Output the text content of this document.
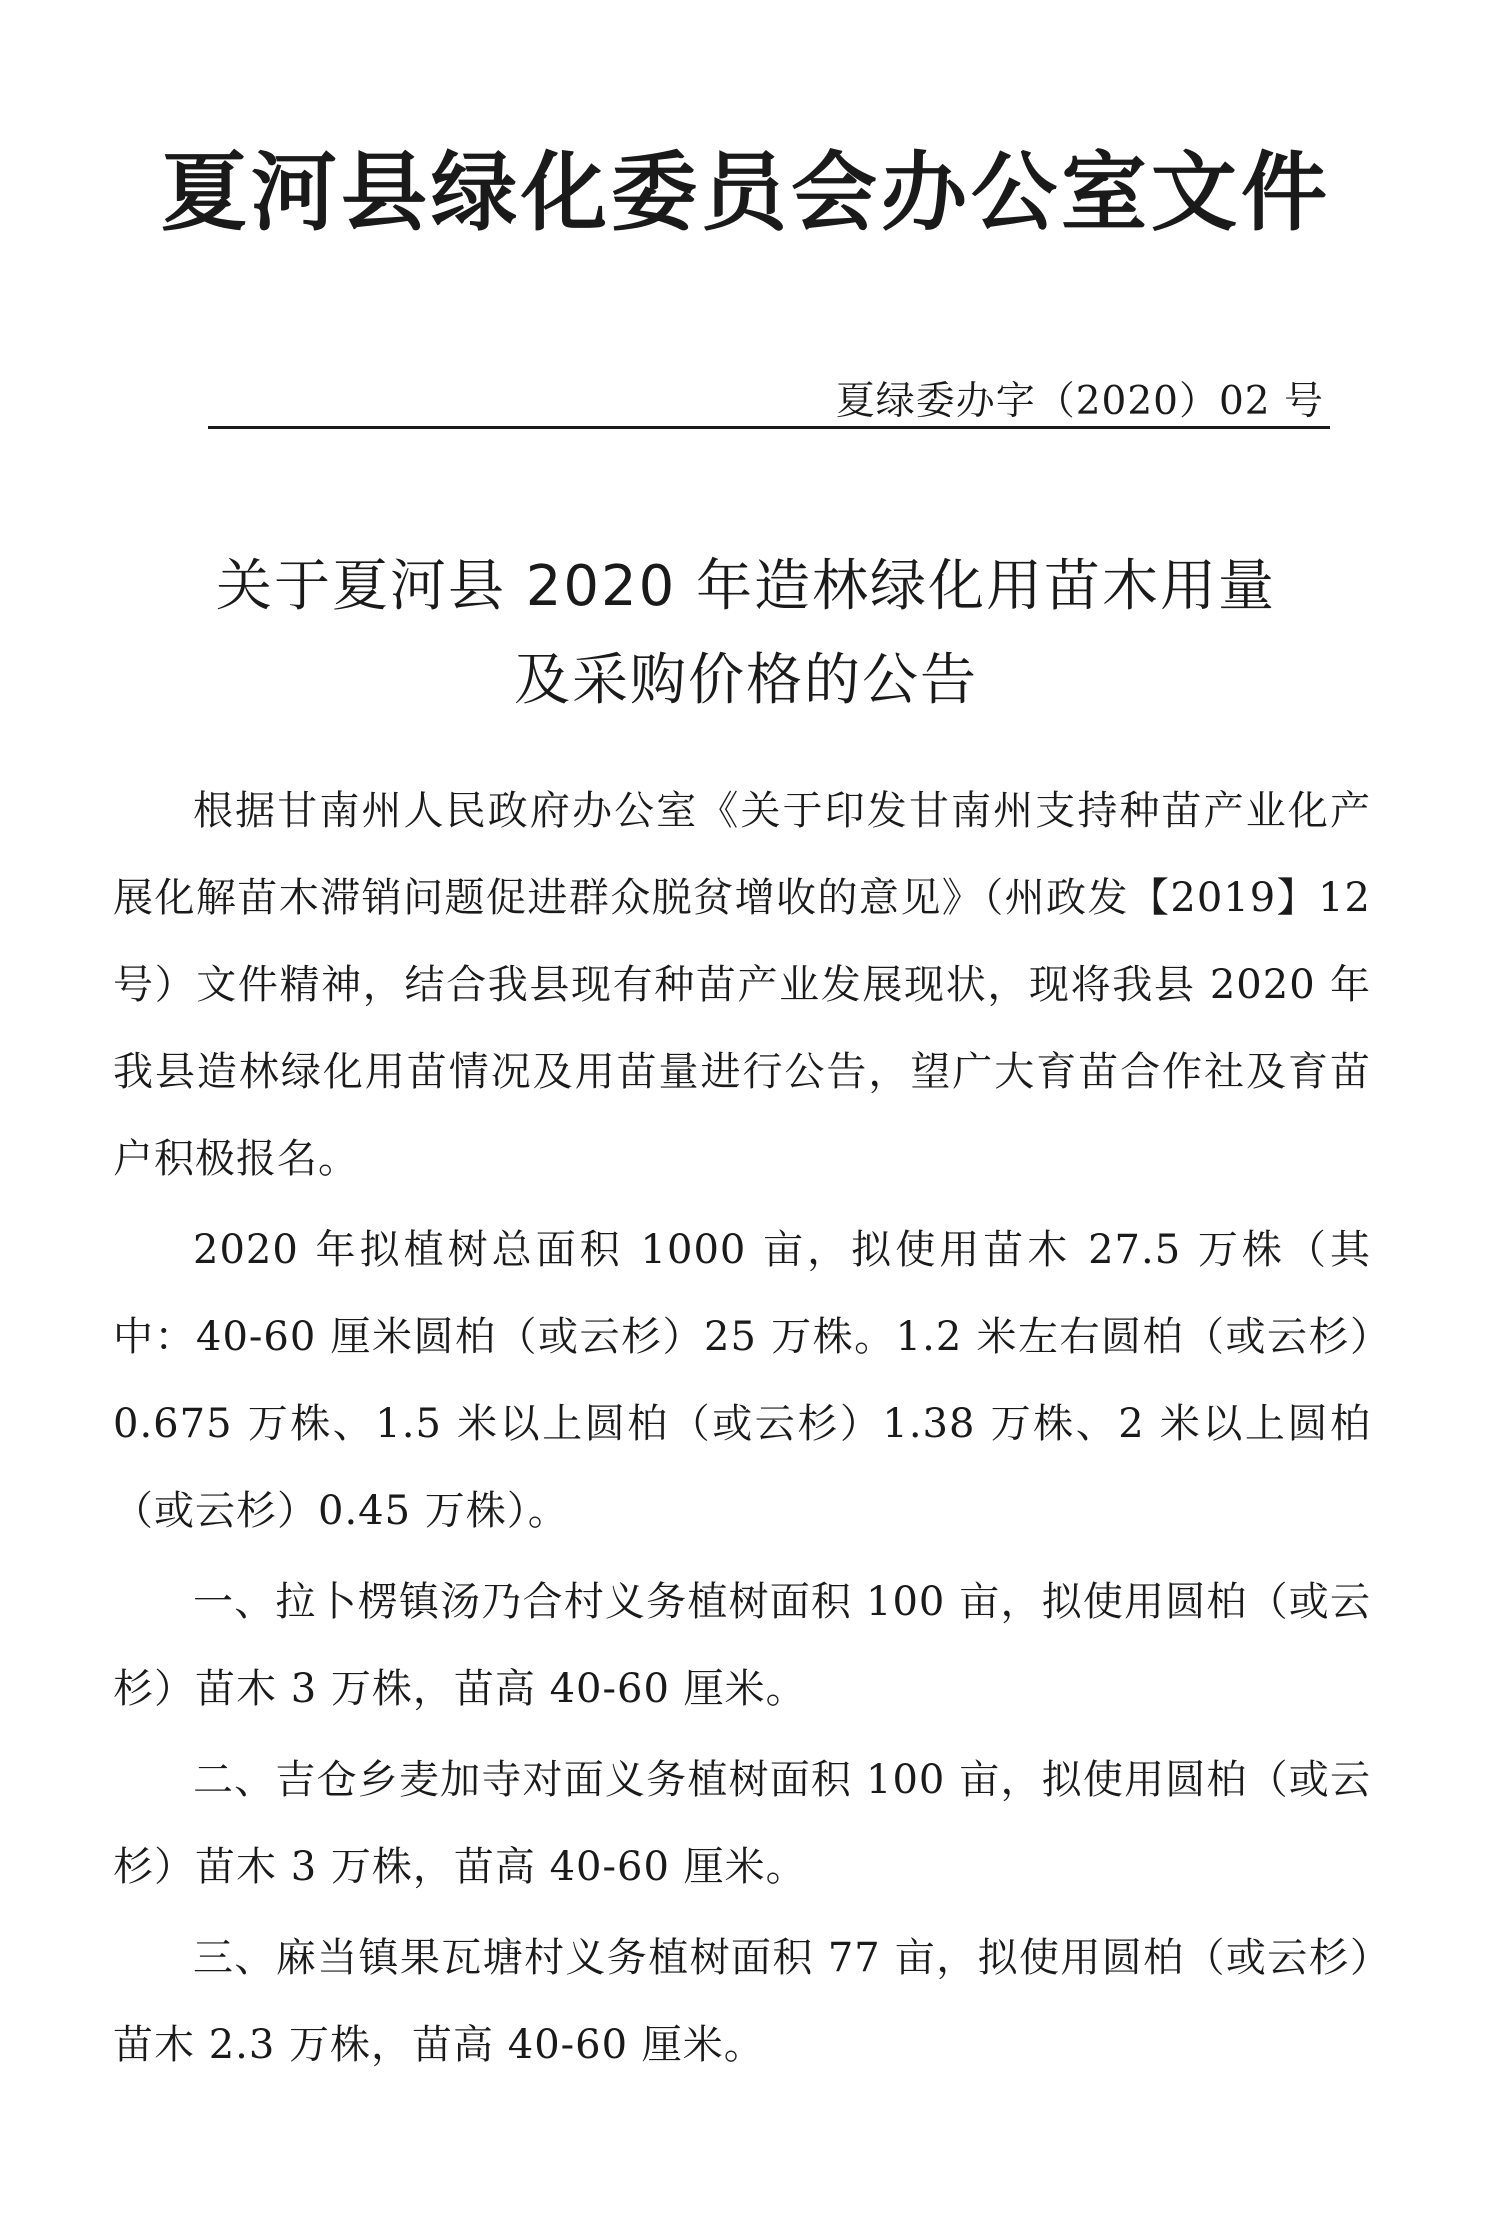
夏河县绿化委员会办公室文件
夏绿委办字（2020）02 号
关于夏河县 2020 年造林绿化用苗木用量
及采购价格的公告

根据甘南州人民政府办公室《关于印发甘南州支持种苗产业化产展化解苗木滞销问题促进群众脱贫增收的意见》（州政发【2019】12 号）文件精神，结合我县现有种苗产业发展现状，现将我县 2020 年我县造林绿化用苗情况及用苗量进行公告，望广大育苗合作社及育苗户积极报名。

2020 年拟植树总面积 1000 亩，拟使用苗木 27.5 万株（其中：40-60 厘米圆柏（或云杉）25 万株。1.2 米左右圆柏（或云杉）0.675 万株、1.5 米以上圆柏（或云杉）1.38 万株、2 米以上圆柏（或云杉）0.45 万株）。

一、拉卜楞镇汤乃合村义务植树面积 100 亩，拟使用圆柏（或云杉）苗木 3 万株，苗高 40-60 厘米。

二、吉仓乡麦加寺对面义务植树面积 100 亩，拟使用圆柏（或云杉）苗木 3 万株，苗高 40-60 厘米。

三、麻当镇果瓦塘村义务植树面积 77 亩，拟使用圆柏（或云杉）苗木 2.3 万株，苗高 40-60 厘米。
